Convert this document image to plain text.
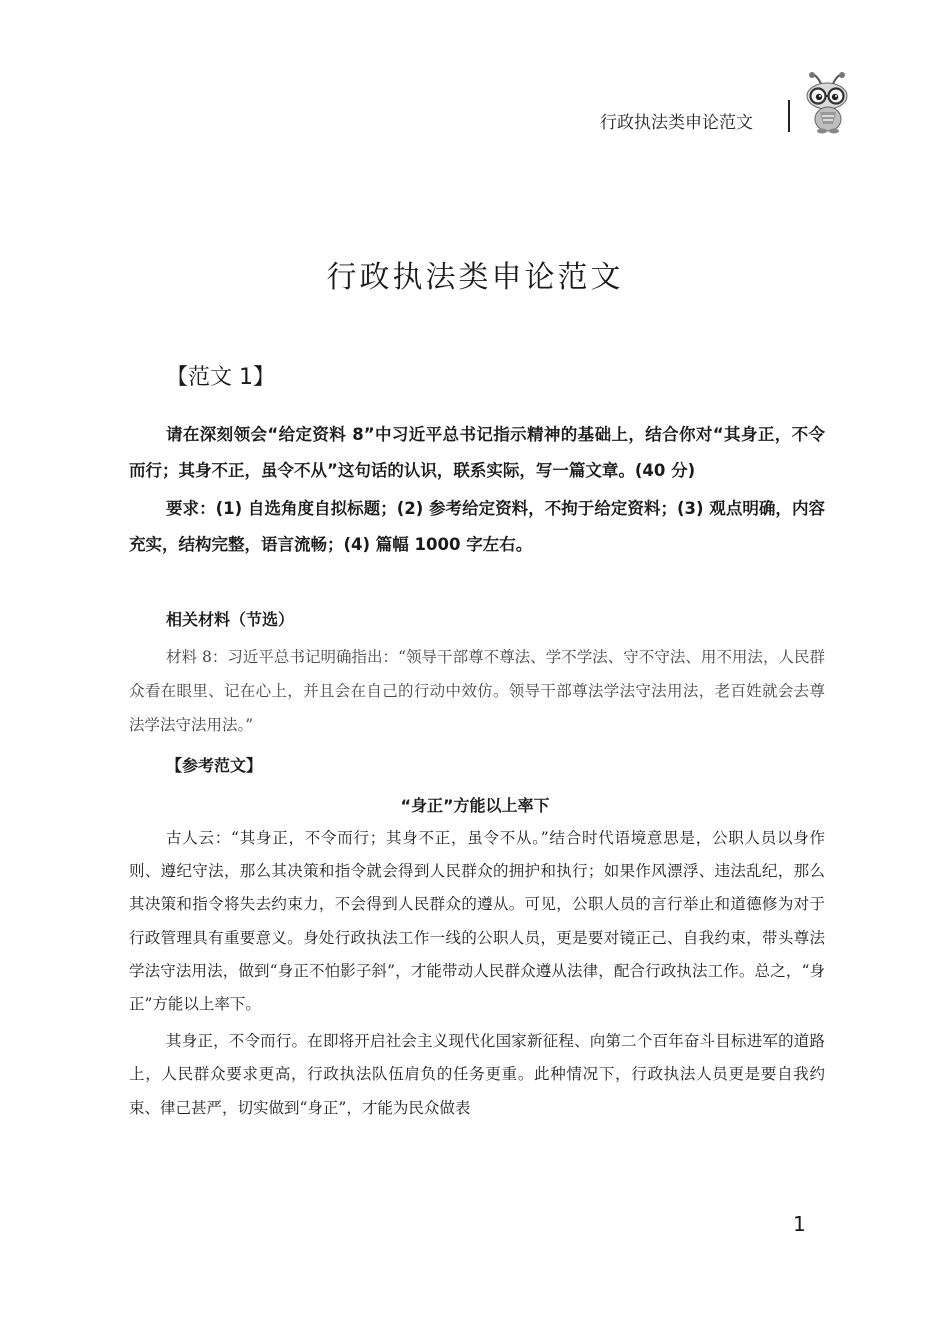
行政执法类申论范文
行政执法类申论范文
【范文 1】
请在深刻领会“给定资料 8”中习近平总书记指示精神的基础上，结合你对“其身正，不令而行；其身不正，虽令不从”这句话的认识，联系实际，写一篇文章。(40 分)
要求：(1) 自选角度自拟标题；(2) 参考给定资料，不拘于给定资料；(3) 观点明确，内容充实，结构完整，语言流畅；(4) 篇幅 1000 字左右。
相关材料（节选）
材料 8：习近平总书记明确指出：“领导干部尊不尊法、学不学法、守不守法、用不用法，人民群众看在眼里、记在心上，并且会在自己的行动中效仿。领导干部尊法学法守法用法，老百姓就会去尊法学法守法用法。”
【参考范文】
“身正”方能以上率下
古人云：“其身正，不令而行；其身不正，虽令不从。”结合时代语境意思是，公职人员以身作则、遵纪守法，那么其决策和指令就会得到人民群众的拥护和执行；如果作风漂浮、违法乱纪，那么其决策和指令将失去约束力，不会得到人民群众的遵从。可见，公职人员的言行举止和道德修为对于行政管理具有重要意义。身处行政执法工作一线的公职人员，更是要对镜正己、自我约束，带头尊法学法守法用法，做到“身正不怕影子斜”，才能带动人民群众遵从法律，配合行政执法工作。总之，“身正”方能以上率下。
其身正，不令而行。在即将开启社会主义现代化国家新征程、向第二个百年奋斗目标进军的道路上，人民群众要求更高，行政执法队伍肩负的任务更重。此种情况下，行政执法人员更是要自我约束、律己甚严，切实做到“身正”，才能为民众做表
1
